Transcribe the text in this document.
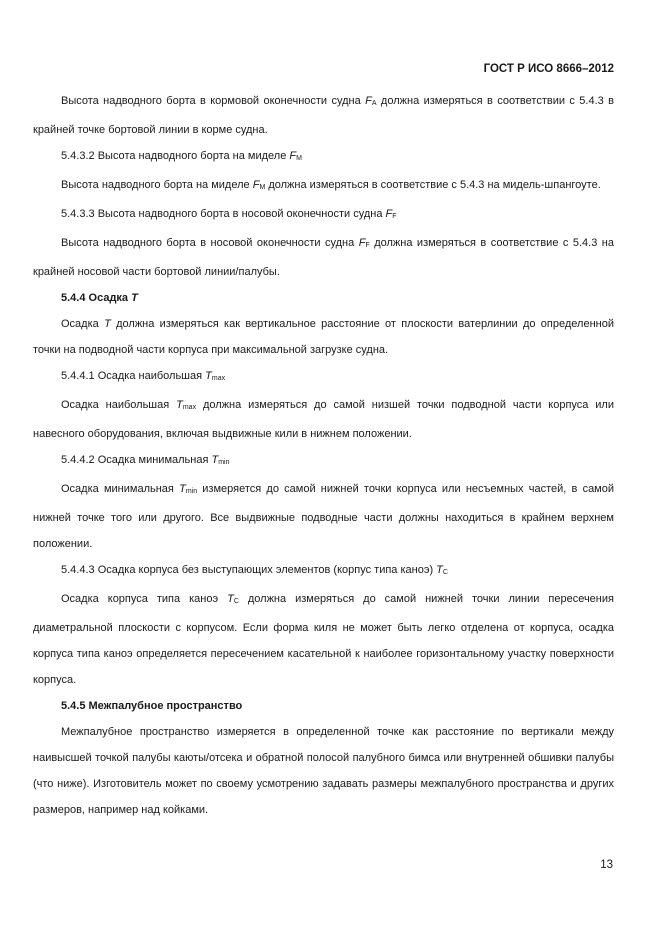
ГОСТ Р ИСО 8666–2012

Высота надводного борта в кормовой оконечности судна FA должна измеряться в соответствии с 5.4.3 в крайней точке бортовой линии в корме судна.

5.4.3.2 Высота надводного борта на миделе FM

Высота надводного борта на миделе FM должна измеряться в соответствие с 5.4.3 на мидель-шпангоуте.

5.4.3.3 Высота надводного борта в носовой оконечности судна FF

Высота надводного борта в носовой оконечности судна FF должна измеряться в соответствие с 5.4.3 на крайней носовой части бортовой линии/палубы.

5.4.4 Осадка T

Осадка T должна измеряться как вертикальное расстояние от плоскости ватерлинии до определенной точки на подводной части корпуса при максимальной загрузке судна.

5.4.4.1 Осадка наибольшая Tmax

Осадка наибольшая Tmax должна измеряться до самой низшей точки подводной части корпуса или навесного оборудования, включая выдвижные кили в нижнем положении.

5.4.4.2 Осадка минимальная Tmin

Осадка минимальная Tmin измеряется до самой нижней точки корпуса или несъемных частей, в самой нижней точке того или другого. Все выдвижные подводные части должны находиться в крайнем верхнем положении.

5.4.4.3 Осадка корпуса без выступающих элементов (корпус типа каноэ) TC

Осадка корпуса типа каноэ TC должна измеряться до самой нижней точки линии пересечения диаметральной плоскости с корпусом. Если форма киля не может быть легко отделена от корпуса, осадка корпуса типа каноэ определяется пересечением касательной к наиболее горизонтальному участку поверхности корпуса.

5.4.5 Межпалубное пространство

Межпалубное пространство измеряется в определенной точке как расстояние по вертикали между наивысшей точкой палубы каюты/отсека и обратной полосой палубного бимса или внутренней обшивки палубы (что ниже). Изготовитель может по своему усмотрению задавать размеры межпалубного пространства и других размеров, например над койками.

13
